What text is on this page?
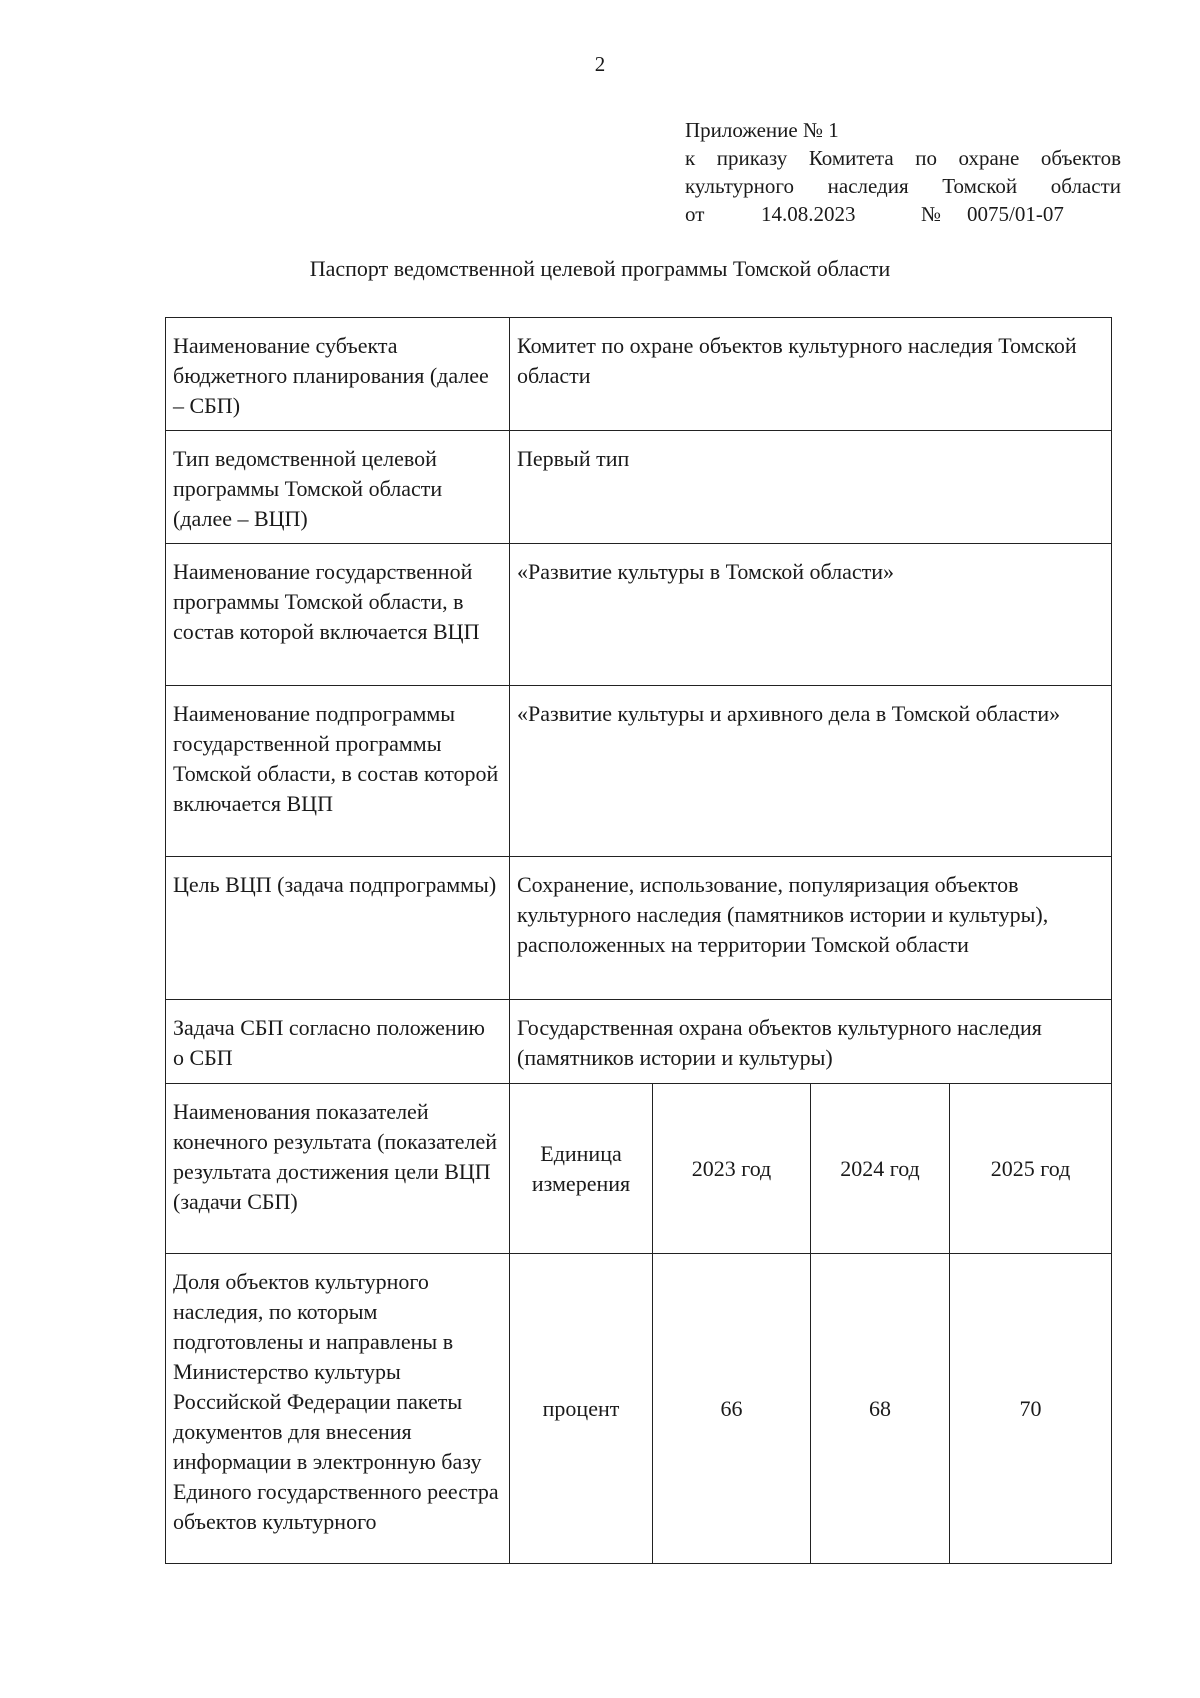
2
Приложение № 1
к приказу Комитета по охране объектов
культурного наследия Томской области
от	14.08.2023	№	0075/01-07
Паспорт ведомственной целевой программы Томской области
Наименование субъекта бюджетного планирования (далее – СБП)	Комитет по охране объектов культурного наследия Томской области			
Тип ведомственной целевой программы Томской области (далее – ВЦП)	Первый тип			
Наименование государственной программы Томской области, в состав которой включается ВЦП	«Развитие культуры в Томской области»			
Наименование подпрограммы государственной программы Томской области, в состав которой включается ВЦП	«Развитие культуры и архивного дела в Томской области»			
Цель ВЦП (задача подпрограммы)	Сохранение, использование, популяризация объектов культурного наследия (памятников истории и культуры), расположенных на территории Томской области			
Задача СБП согласно положению о СБП	Государственная охрана объектов культурного наследия (памятников истории и культуры)			
Наименования показателей конечного результата (показателей результата достижения цели ВЦП (задачи СБП)	Единица измерения	2023 год	2024 год	2025 год
Доля объектов культурного наследия, по которым подготовлены и направлены в Министерство культуры Российской Федерации пакеты документов для внесения информации в электронную базу Единого государственного реестра объектов культурного	процент	66	68	70
